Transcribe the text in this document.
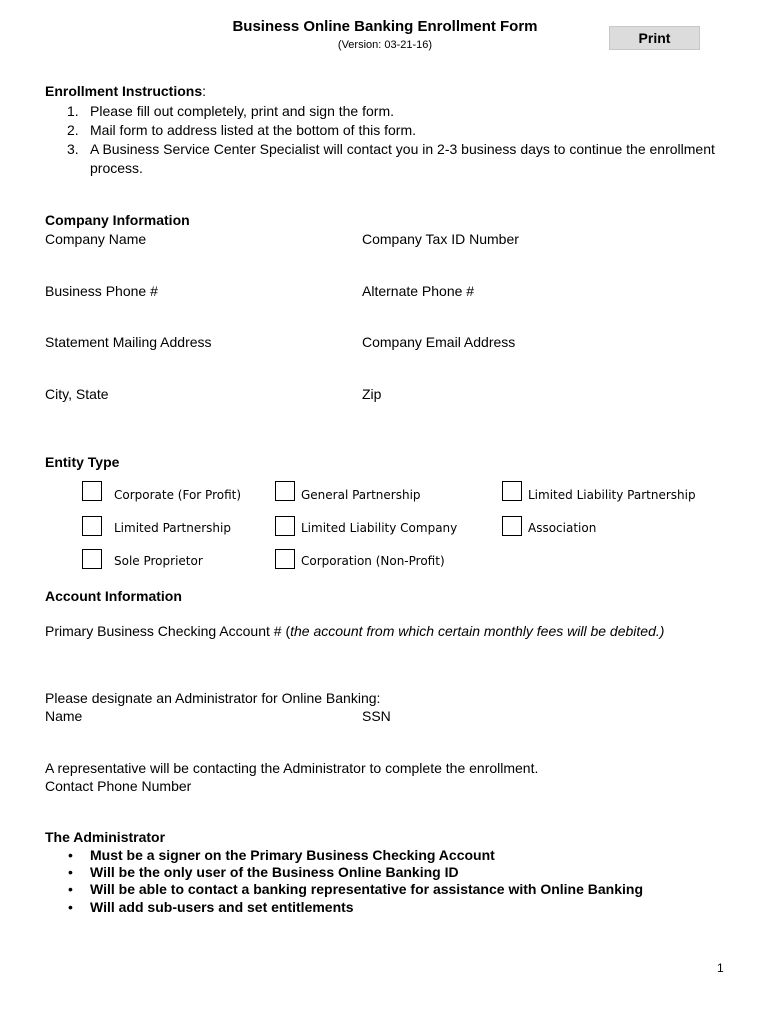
Business Online Banking Enrollment Form
(Version: 03-21-16)	Print
Enrollment Instructions:
1. Please fill out completely, print and sign the form.
2. Mail form to address listed at the bottom of this form.
3. A Business Service Center Specialist will contact you in 2-3 business days to continue the enrollment
process.
Company Information
Company Name	Company Tax ID Number
Business Phone #	Alternate Phone #
Statement Mailing Address	Company Email Address
City, State	Zip
Entity Type
Corporate (For Profit)	General Partnership	Limited Liability Partnership
Limited Partnership	Limited Liability Company	Association
Sole Proprietor	Corporation (Non-Profit)
Account Information
Primary Business Checking Account # (the account from which certain monthly fees will be debited.)
Please designate an Administrator for Online Banking:
Name	SSN
A representative will be contacting the Administrator to complete the enrollment.
Contact Phone Number
The Administrator
• Must be a signer on the Primary Business Checking Account
• Will be the only user of the Business Online Banking ID
• Will be able to contact a banking representative for assistance with Online Banking
• Will add sub-users and set entitlements
1
